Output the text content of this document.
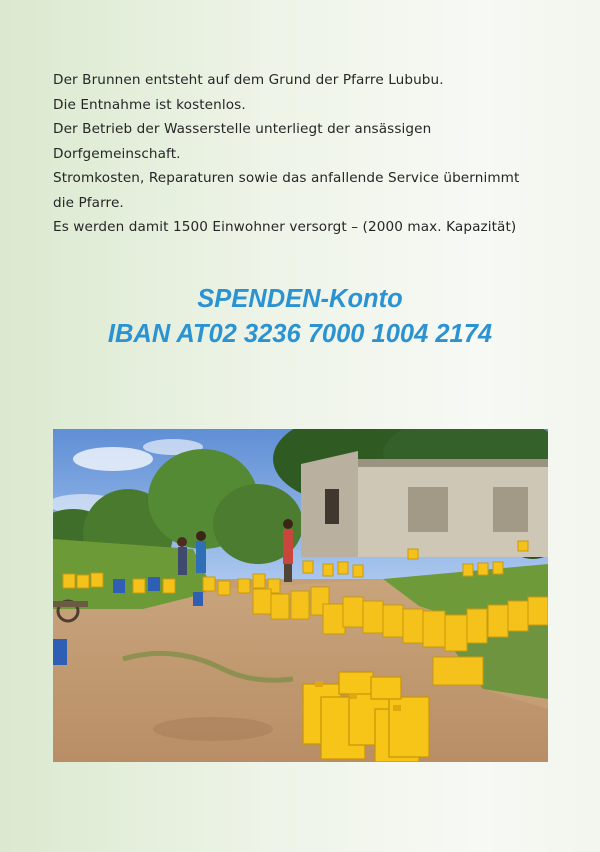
Der Brunnen entsteht auf dem Grund der Pfarre Lububu.
Die Entnahme ist kostenlos.
Der Betrieb der Wasserstelle unterliegt der ansässigen
Dorfgemeinschaft.
Stromkosten, Reparaturen sowie das anfallende Service übernimmt
die Pfarre.
Es werden damit 1500 Einwohner versorgt – (2000 max. Kapazität)
SPENDEN-Konto
IBAN AT02 3236 7000 1004 2174
